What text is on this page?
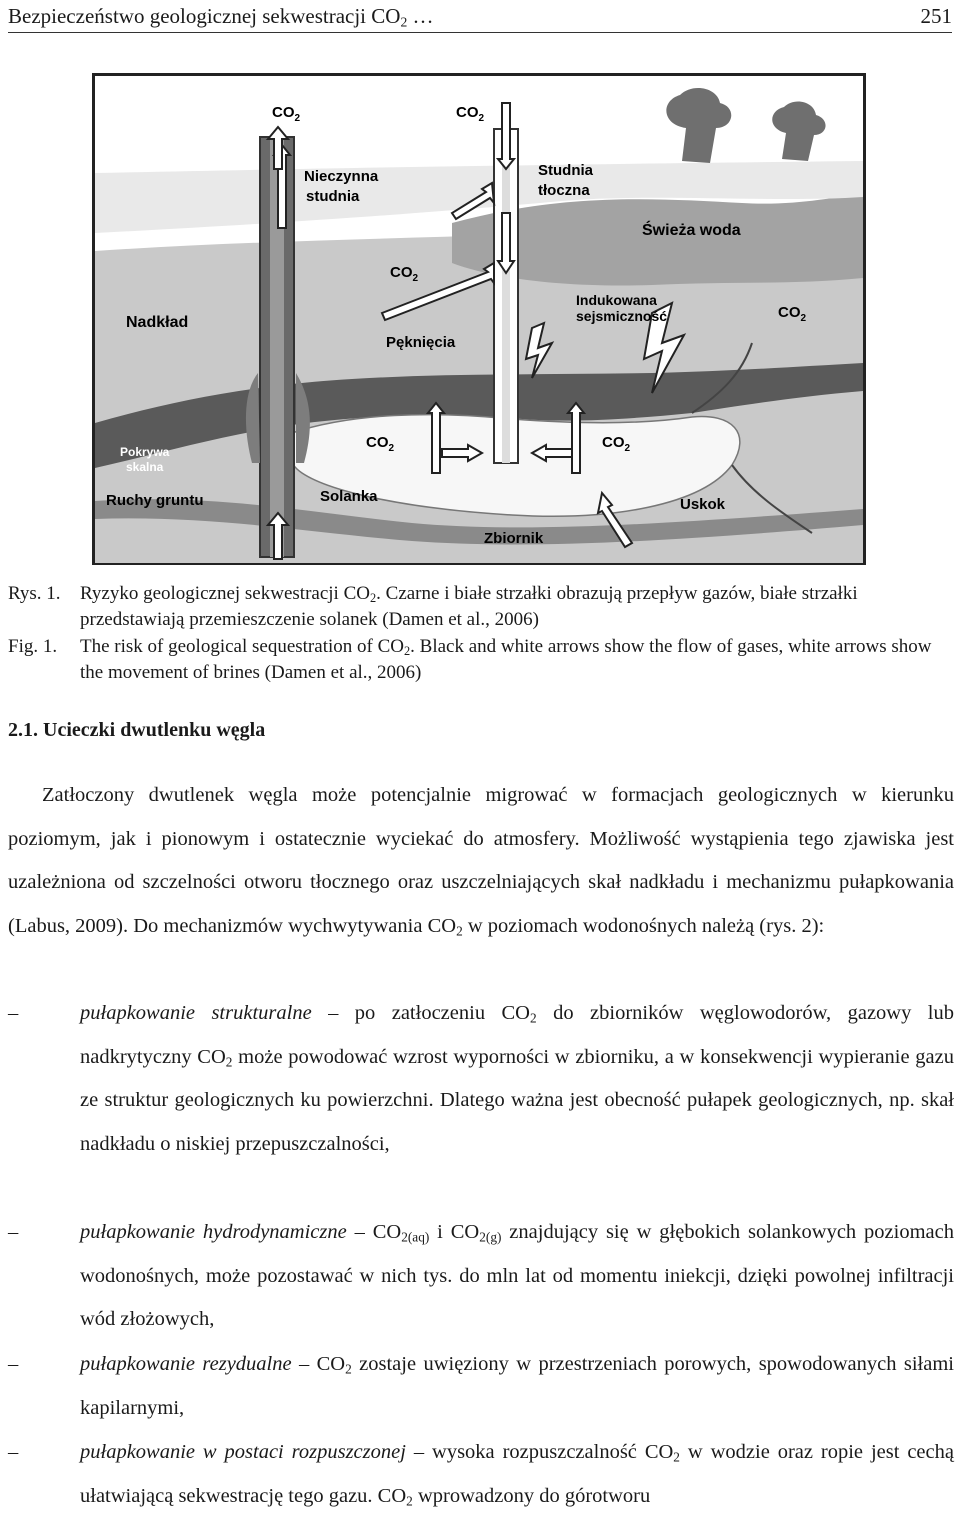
Bezpieczeństwo geologicznej sekwestracji $CO_2$ …	251
$CO_2$	$CO_2$
Nieczynna
studnia
Studnia
tłoczna
Świeża woda
$CO_2$
Indukowana
sejsmiczność	$CO_2$
Nadkład
Pęknięcia
$CO_2$	$CO_2$
Pokrywa
skalna
Ruchy gruntu	Solanka	Uskok
Zbiornik
Rys. 1. Ryzyko geologicznej sekwestracji $CO_2$. Czarne i białe strzałki obrazują przepływ gazów, białe strzałki przedstawiają przemieszczenie solanek (Damen et al., 2006)
Fig. 1. The risk of geological sequestration of $CO_2$. Black and white arrows show the flow of gases, white arrows show the movement of brines (Damen et al., 2006)
2.1. Ucieczki dwutlenku węgla
Zatłoczony dwutlenek węgla może potencjalnie migrować w formacjach geologicznych w kierunku poziomym, jak i pionowym i ostatecznie wyciekać do atmosfery. Możliwość wystąpienia tego zjawiska jest uzależniona od szczelności otworu tłocznego oraz uszczelniających skał nadkładu i mechanizmu pułapkowania (Labus, 2009). Do mechanizmów wychwytywania $CO_2$ w poziomach wodonośnych należą (rys. 2):
–	pułapkowanie strukturalne – po zatłoczeniu $CO_2$ do zbiorników węglowodorów, gazowy lub nadkrytyczny $CO_2$ może powodować wzrost wyporności w zbiorniku, a w konsekwencji wypieranie gazu ze struktur geologicznych ku powierzchni. Dlatego ważna jest obecność pułapek geologicznych, np. skał nadkładu o niskiej przepuszczalności,
–	pułapkowanie hydrodynamiczne – $CO_{2(aq)}$ i $CO_{2(g)}$ znajdujący się w głębokich solankowych poziomach wodonośnych, może pozostawać w nich tys. do mln lat od momentu iniekcji, dzięki powolnej infiltracji wód złożowych,
–	pułapkowanie rezydualne – $CO_2$ zostaje uwięziony w przestrzeniach porowych, spowodowanych siłami kapilarnymi,
–	pułapkowanie w postaci rozpuszczonej – wysoka rozpuszczalność $CO_2$ w wodzie oraz ropie jest cechą ułatwiającą sekwestrację tego gazu. $CO_2$ wprowadzony do górotworu
